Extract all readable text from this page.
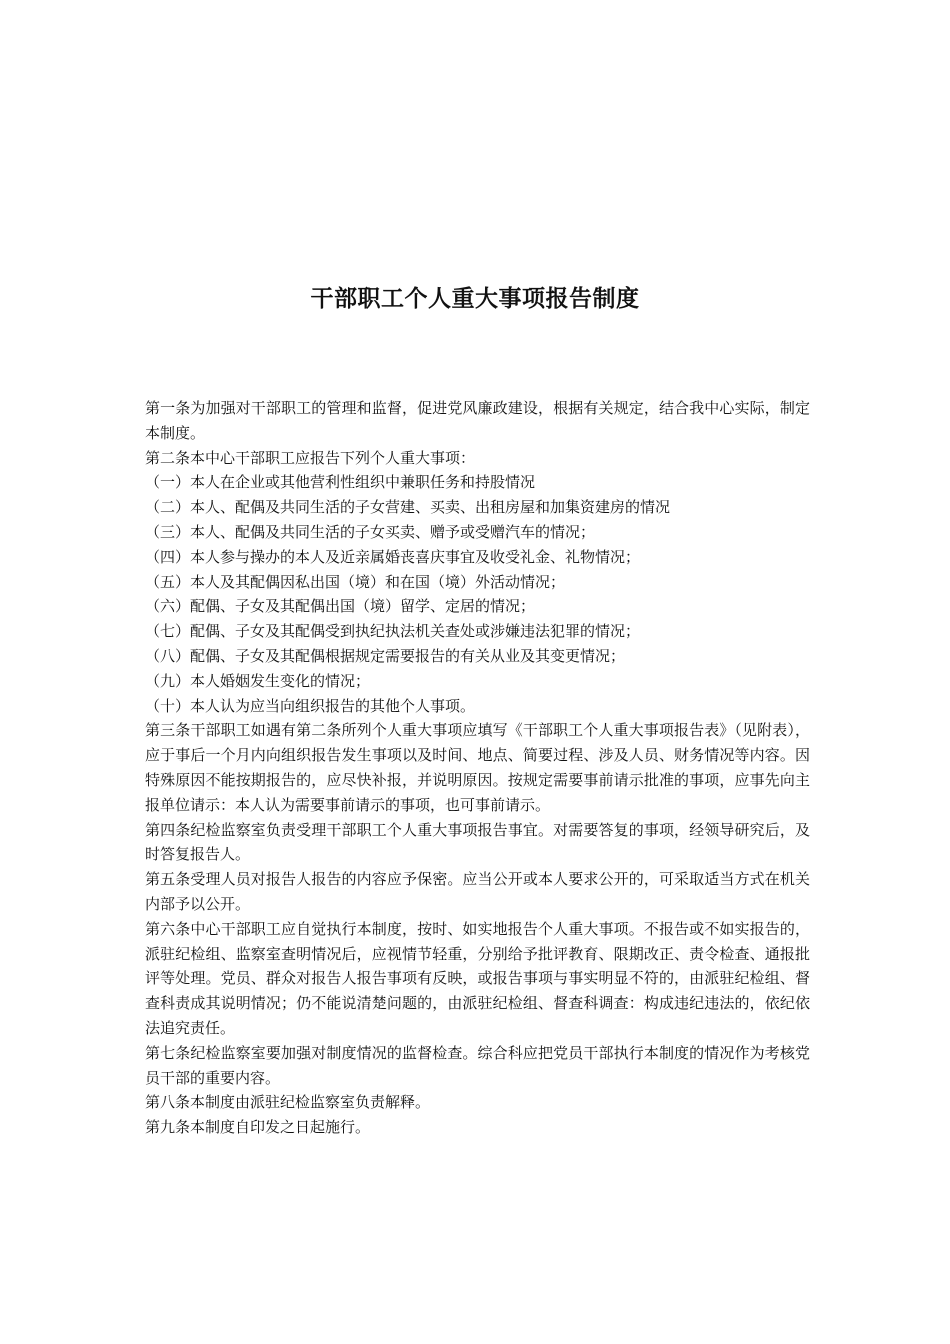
干部职工个人重大事项报告制度

第一条为加强对干部职工的管理和监督，促进党风廉政建设，根据有关规定，结合我中心实际，制定本制度。

第二条本中心干部职工应报告下列个人重大事项：

（一）本人在企业或其他营利性组织中兼职任务和持股情况

（二）本人、配偶及共同生活的子女营建、买卖、出租房屋和加集资建房的情况

（三）本人、配偶及共同生活的子女买卖、赠予或受赠汽车的情况；

（四）本人参与操办的本人及近亲属婚丧喜庆事宜及收受礼金、礼物情况；

（五）本人及其配偶因私出国（境）和在国（境）外活动情况；

（六）配偶、子女及其配偶出国（境）留学、定居的情况；

（七）配偶、子女及其配偶受到执纪执法机关查处或涉嫌违法犯罪的情况；

（八）配偶、子女及其配偶根据规定需要报告的有关从业及其变更情况；

（九）本人婚姻发生变化的情况；

（十）本人认为应当向组织报告的其他个人事项。

第三条干部职工如遇有第二条所列个人重大事项应填写《干部职工个人重大事项报告表》（见附表），应于事后一个月内向组织报告发生事项以及时间、地点、简要过程、涉及人员、财务情况等内容。因特殊原因不能按期报告的，应尽快补报，并说明原因。按规定需要事前请示批准的事项，应事先向主报单位请示：本人认为需要事前请示的事项，也可事前请示。

第四条纪检监察室负责受理干部职工个人重大事项报告事宜。对需要答复的事项，经领导研究后，及时答复报告人。

第五条受理人员对报告人报告的内容应予保密。应当公开或本人要求公开的，可采取适当方式在机关内部予以公开。

第六条中心干部职工应自觉执行本制度，按时、如实地报告个人重大事项。不报告或不如实报告的，派驻纪检组、监察室查明情况后，应视情节轻重，分别给予批评教育、限期改正、责令检查、通报批评等处理。党员、群众对报告人报告事项有反映，或报告事项与事实明显不符的，由派驻纪检组、督查科责成其说明情况；仍不能说清楚问题的，由派驻纪检组、督查科调查：构成违纪违法的，依纪依法追究责任。

第七条纪检监察室要加强对制度情况的监督检查。综合科应把党员干部执行本制度的情况作为考核党员干部的重要内容。

第八条本制度由派驻纪检监察室负责解释。

第九条本制度自印发之日起施行。
